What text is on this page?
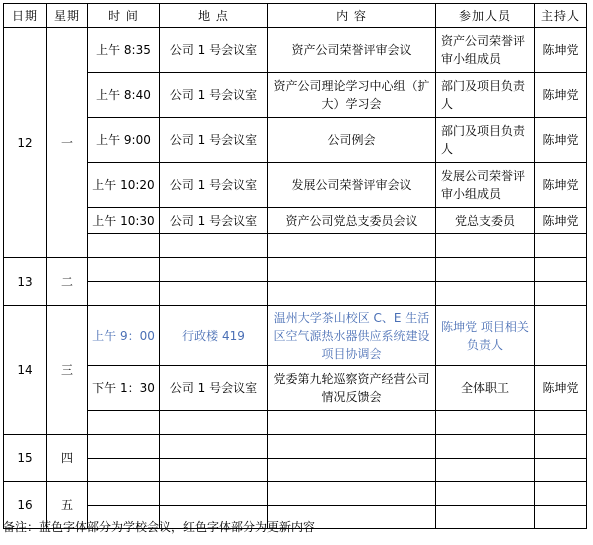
日期	星期	时 间	地 点	内 容	参加人员	主持人
12	一	上午 8:35	公司 1 号会议室	资产公司荣誉评审会议	资产公司荣誉评审小组成员	陈坤党
		上午 8:40	公司 1 号会议室	资产公司理论学习中心组（扩大）学习会	部门及项目负责人	陈坤党
		上午 9:00	公司 1 号会议室	公司例会	部门及项目负责人	陈坤党
		上午 10:20	公司 1 号会议室	发展公司荣誉评审会议	发展公司荣誉评审小组成员	陈坤党
		上午 10:30	公司 1 号会议室	资产公司党总支委员会议	党总支委员	陈坤党

13	二					

14	三	上午 9：00	行政楼 419	温州大学茶山校区 C、E 生活区空气源热水器供应系统建设项目协调会	陈坤党 项目相关负责人	
		下午 1：30	公司 1 号会议室	党委第九轮巡察资产经营公司情况反馈会	全体职工	陈坤党

15	四					

16	五					

备注：蓝色字体部分为学校会议，红色字体部分为更新内容
